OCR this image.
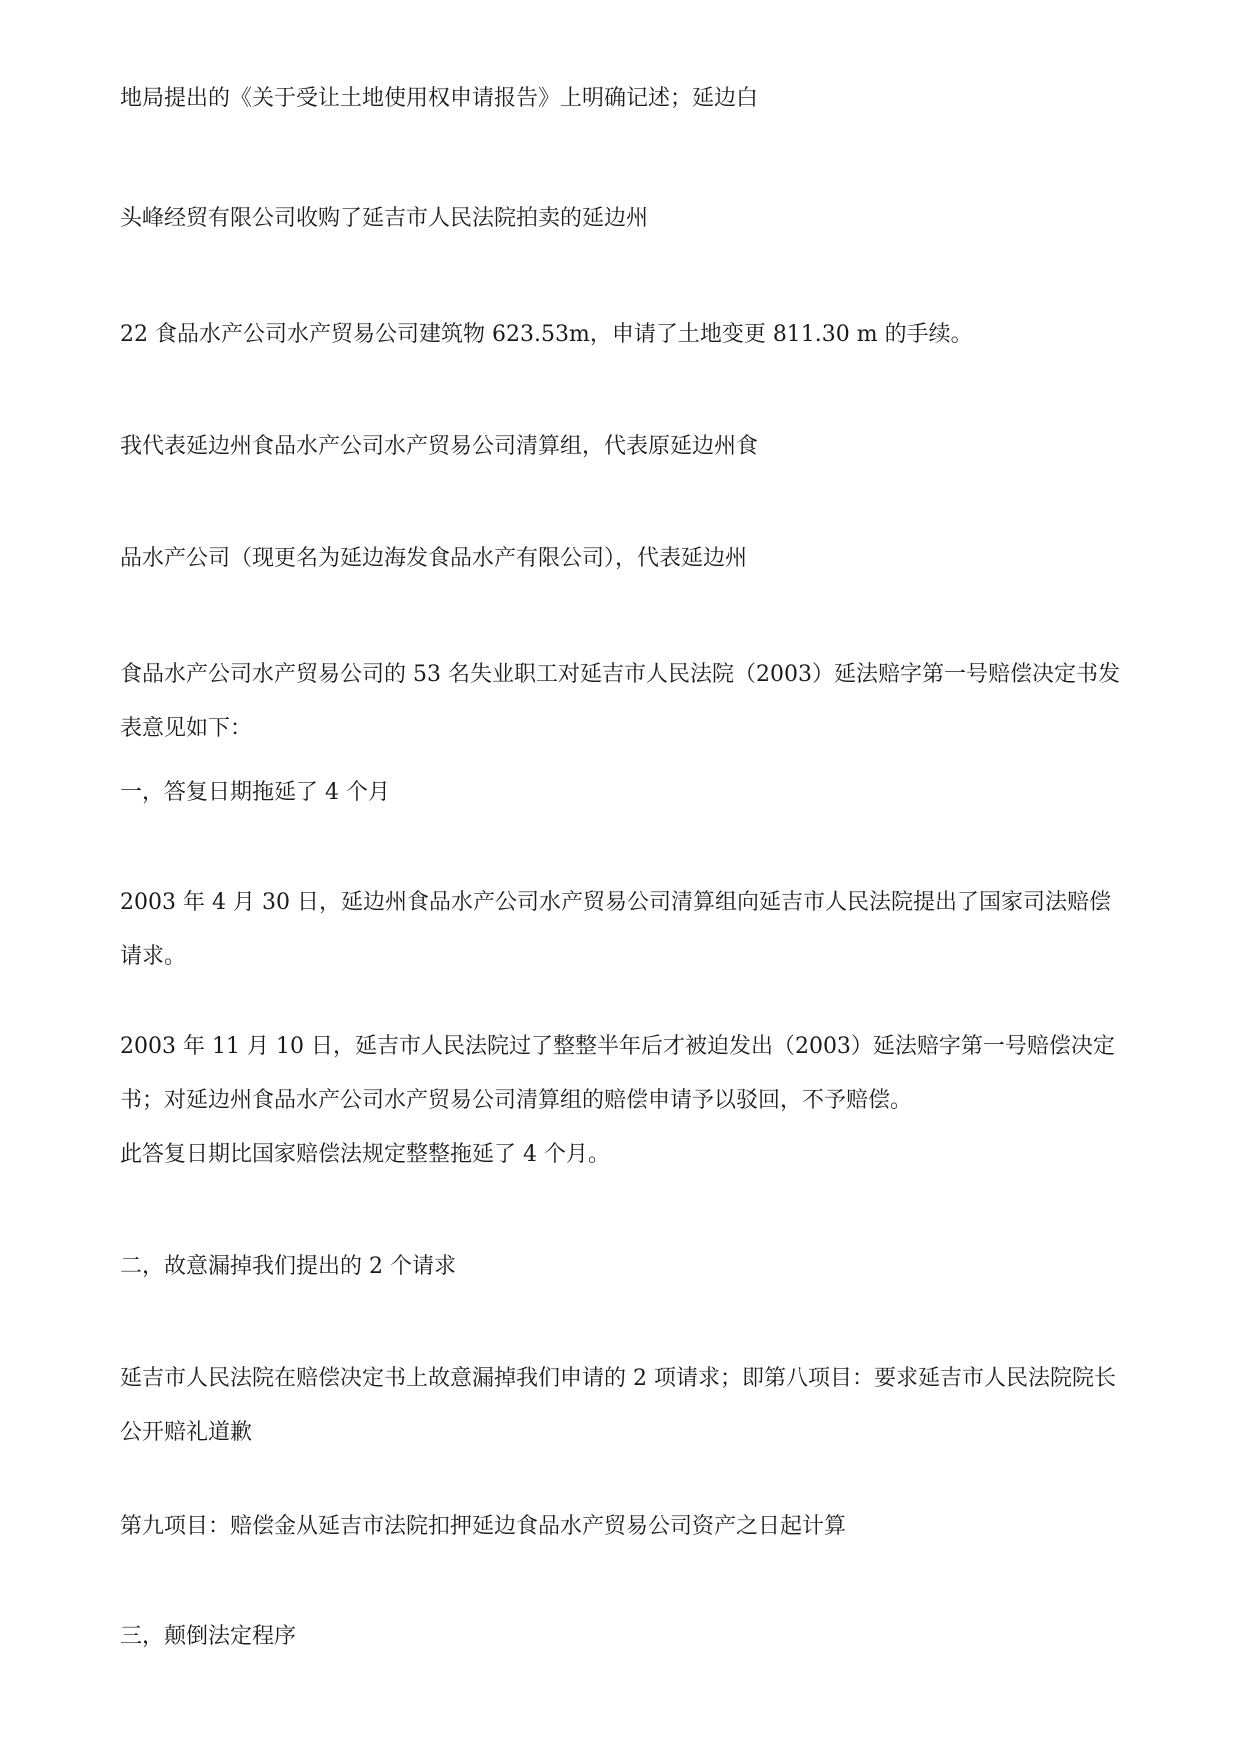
地局提出的《关于受让土地使用权申请报告》上明确记述；延边白
头峰经贸有限公司收购了延吉市人民法院拍卖的延边州
22 食品水产公司水产贸易公司建筑物 623.53m，申请了土地变更 811.30 m 的手续。
我代表延边州食品水产公司水产贸易公司清算组，代表原延边州食
品水产公司（现更名为延边海发食品水产有限公司），代表延边州
食品水产公司水产贸易公司的 53 名失业职工对延吉市人民法院（2003）延法赔字第一号赔偿决定书发表意见如下：
一，答复日期拖延了 4 个月
2003 年 4 月 30 日，延边州食品水产公司水产贸易公司清算组向延吉市人民法院提出了国家司法赔偿请求。
2003 年 11 月 10 日，延吉市人民法院过了整整半年后才被迫发出（2003）延法赔字第一号赔偿决定书；对延边州食品水产公司水产贸易公司清算组的赔偿申请予以驳回，不予赔偿。
此答复日期比国家赔偿法规定整整拖延了 4 个月。
二，故意漏掉我们提出的 2 个请求
延吉市人民法院在赔偿决定书上故意漏掉我们申请的 2 项请求；即第八项目：要求延吉市人民法院院长公开赔礼道歉
第九项目：赔偿金从延吉市法院扣押延边食品水产贸易公司资产之日起计算
三，颠倒法定程序
